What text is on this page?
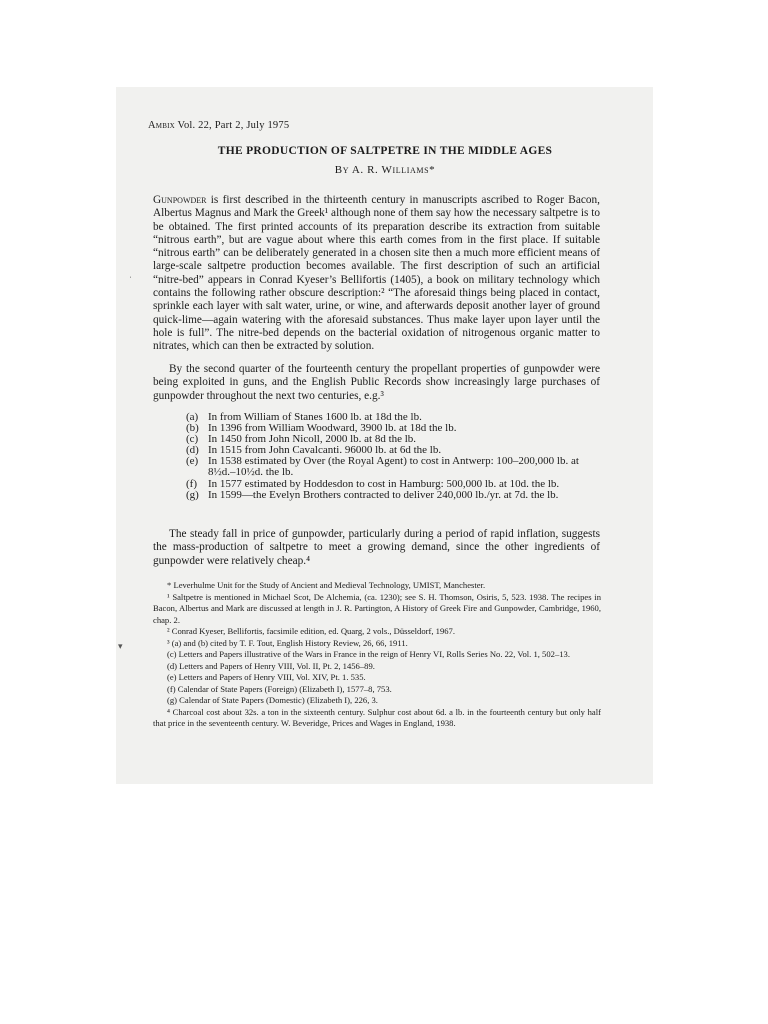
Ambix Vol. 22, Part 2, July 1975
THE PRODUCTION OF SALTPETRE IN THE MIDDLE AGES
By A. R. Williams*
Gunpowder is first described in the thirteenth century in manuscripts ascribed to Roger Bacon, Albertus Magnus and Mark the Greek¹ although none of them say how the necessary saltpetre is to be obtained. The first printed accounts of its preparation describe its extraction from suitable “nitrous earth”, but are vague about where this earth comes from in the first place. If suitable “nitrous earth” can be deliberately generated in a chosen site then a much more efficient means of large-scale saltpetre production becomes available. The first description of such an artificial “nitre-bed” appears in Conrad Kyeser’s Bellifortis (1405), a book on military technology which contains the following rather obscure description:² “The aforesaid things being placed in contact, sprinkle each layer with salt water, urine, or wine, and afterwards deposit another layer of ground quick-lime—again watering with the aforesaid substances. Thus make layer upon layer until the hole is full”. The nitre-bed depends on the bacterial oxidation of nitrogenous organic matter to nitrates, which can then be extracted by solution.
By the second quarter of the fourteenth century the propellant properties of gunpowder were being exploited in guns, and the English Public Records show increasingly large purchases of gunpowder throughout the next two centuries, e.g.³
(a) In from William of Stanes 1600 lb. at 18d the lb.
(b) In 1396 from William Woodward, 3900 lb. at 18d the lb.
(c) In 1450 from John Nicoll, 2000 lb. at 8d the lb.
(d) In 1515 from John Cavalcanti. 96000 lb. at 6d the lb.
(e) In 1538 estimated by Over (the Royal Agent) to cost in Antwerp: 100–200,000 lb. at 8½d.–10½d. the lb.
(f)	In 1577 estimated by Hoddesdon to cost in Hamburg: 500,000 lb. at 10d. the lb.
(g) In 1599—the Evelyn Brothers contracted to deliver 240,000 lb./yr. at 7d. the lb.
The steady fall in price of gunpowder, particularly during a period of rapid inflation, suggests the mass-production of saltpetre to meet a growing demand, since the other ingredients of gunpowder were relatively cheap.⁴

* Leverhulme Unit for the Study of Ancient and Medieval Technology, UMIST, Manchester.

¹ Saltpetre is mentioned in Michael Scot, De Alchemia, (ca. 1230); see S. H. Thomson, Osiris, 5, 523. 1938. The recipes in Bacon, Albertus and Mark are discussed at length in J. R. Partington, A History of Greek Fire and Gunpowder, Cambridge, 1960, chap. 2.

² Conrad Kyeser, Bellifortis, facsimile edition, ed. Quarg, 2 vols., Düsseldorf, 1967.

³ (a) and (b) cited by T. F. Tout, English History Review, 26, 66, 1911.

(c) Letters and Papers illustrative of the Wars in France in the reign of Henry VI, Rolls Series No. 22, Vol. 1, 502–13.

(d) Letters and Papers of Henry VIII, Vol. II, Pt. 2, 1456–89.

(e) Letters and Papers of Henry VIII, Vol. XIV, Pt. 1. 535.

(f) Calendar of State Papers (Foreign) (Elizabeth I), 1577–8, 753.

(g) Calendar of State Papers (Domestic) (Elizabeth I), 226, 3.

⁴ Charcoal cost about 32s. a ton in the sixteenth century. Sulphur cost about 6d. a lb. in the fourteenth century but only half that price in the seventeenth century. W. Beveridge, Prices and Wages in England, 1938.

ˌ
▾
